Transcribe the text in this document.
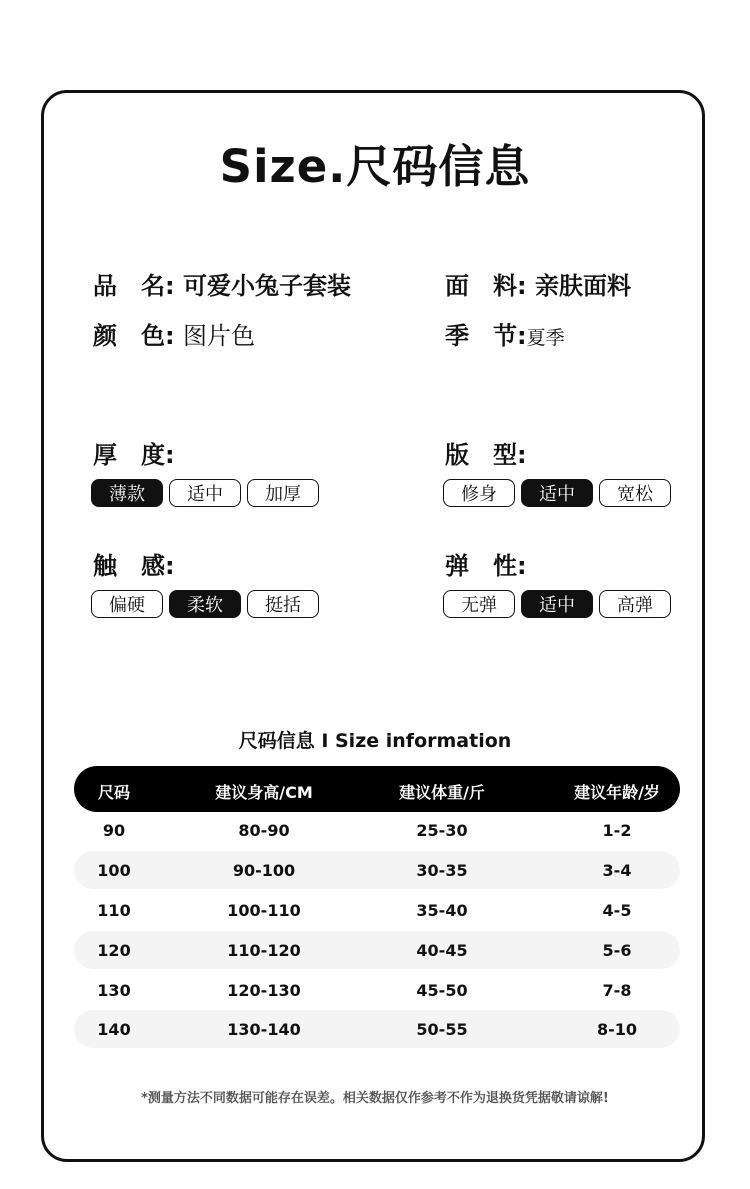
Size.尺码信息
品　名: 可爱小兔子套装	面　料: 亲肤面料
颜　色: 图片色	季　节:夏季
厚　度:
薄款	适中	加厚
版　型:
修身	适中	宽松
触　感:
偏硬	柔软	挺括
弹　性:
无弹	适中	高弹
尺码信息 I Size information
尺码	建议身高/CM	建议体重/斤	建议年龄/岁
90	80-90	25-30	1-2
100	90-100	30-35	3-4
110	100-110	35-40	4-5
120	110-120	40-45	5-6
130	120-130	45-50	7-8
140	130-140	50-55	8-10
*测量方法不同数据可能存在误差。相关数据仅作参考不作为退换货凭据敬请谅解!
